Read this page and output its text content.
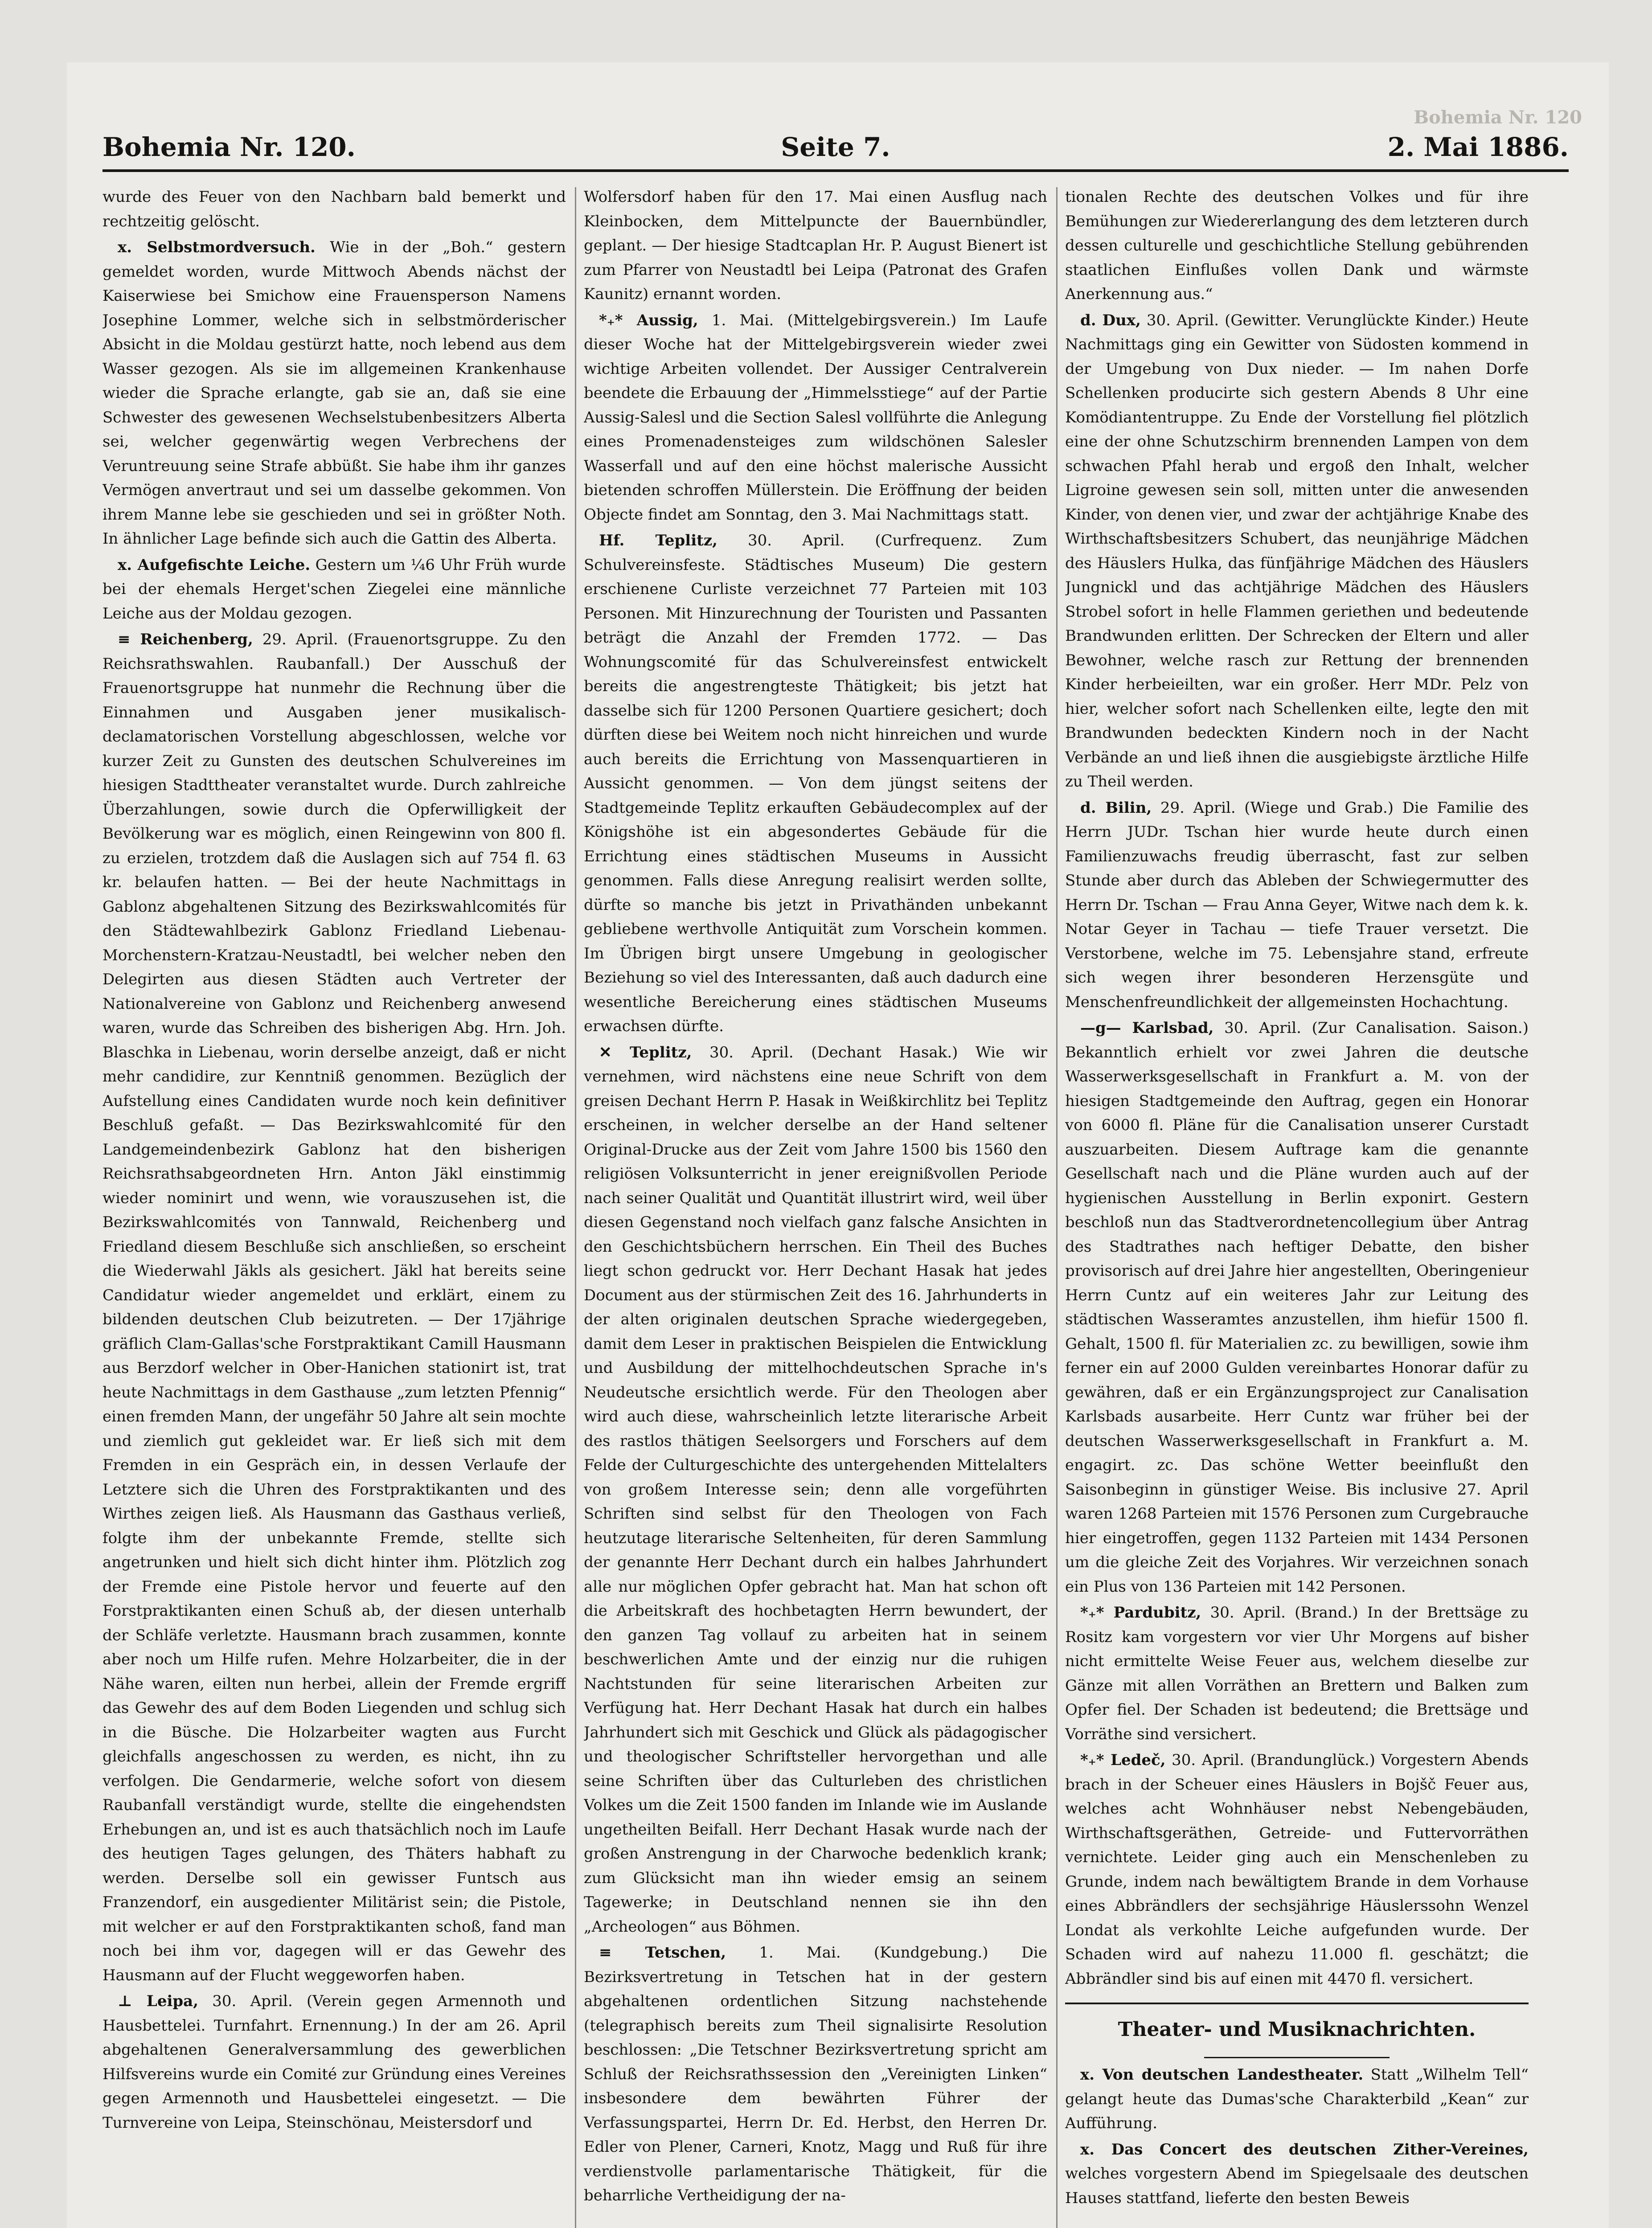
Bohemia Nr. 120
Bohemia Nr. 120.	Seite 7.	2. Mai 1886.

wurde des Feuer von den Nachbarn bald bemerkt und rechtzeitig gelöscht.

x. Selbstmordversuch. Wie in der „Boh.“ gestern gemeldet worden, wurde Mittwoch Abends nächst der Kaiserwiese bei Smichow eine Frauensperson Namens Josephine Lommer, welche sich in selbstmörderischer Absicht in die Moldau gestürzt hatte, noch lebend aus dem Wasser gezogen. Als sie im allgemeinen Krankenhause wieder die Sprache erlangte, gab sie an, daß sie eine Schwester des gewesenen Wechselstubenbesitzers Alberta sei, welcher gegenwärtig wegen Verbrechens der Veruntreuung seine Strafe abbüßt. Sie habe ihm ihr ganzes Vermögen anvertraut und sei um dasselbe gekommen. Von ihrem Manne lebe sie geschieden und sei in größter Noth. In ähnlicher Lage befinde sich auch die Gattin des Alberta.

x. Aufgefischte Leiche. Gestern um ¼6 Uhr Früh wurde bei der ehemals Herget'schen Ziegelei eine männliche Leiche aus der Moldau gezogen.

≡ Reichenberg, 29. April. (Frauenortsgruppe. Zu den Reichsrathswahlen. Raubanfall.) Der Ausschuß der Frauenortsgruppe hat nunmehr die Rechnung über die Einnahmen und Ausgaben jener musikalisch-declamatorischen Vorstellung abgeschlossen, welche vor kurzer Zeit zu Gunsten des deutschen Schulvereines im hiesigen Stadttheater veranstaltet wurde. Durch zahlreiche Überzahlungen, sowie durch die Opferwilligkeit der Bevölkerung war es möglich, einen Reingewinn von 800 fl. zu erzielen, trotzdem daß die Auslagen sich auf 754 fl. 63 kr. belaufen hatten. — Bei der heute Nachmittags in Gablonz abgehaltenen Sitzung des Bezirkswahlcomités für den Städtewahlbezirk Gablonz Friedland Liebenau-Morchenstern-Kratzau-Neustadtl, bei welcher neben den Delegirten aus diesen Städten auch Vertreter der Nationalvereine von Gablonz und Reichenberg anwesend waren, wurde das Schreiben des bisherigen Abg. Hrn. Joh. Blaschka in Liebenau, worin derselbe anzeigt, daß er nicht mehr candidire, zur Kenntniß genommen. Bezüglich der Aufstellung eines Candidaten wurde noch kein definitiver Beschluß gefaßt. — Das Bezirkswahlcomité für den Landgemeindenbezirk Gablonz hat den bisherigen Reichsrathsabgeordneten Hrn. Anton Jäkl einstimmig wieder nominirt und wenn, wie vorauszusehen ist, die Bezirkswahlcomités von Tannwald, Reichenberg und Friedland diesem Beschluße sich anschließen, so erscheint die Wiederwahl Jäkls als gesichert. Jäkl hat bereits seine Candidatur wieder angemeldet und erklärt, einem zu bildenden deutschen Club beizutreten. — Der 17jährige gräflich Clam-Gallas'sche Forstpraktikant Camill Hausmann aus Berzdorf welcher in Ober-Hanichen stationirt ist, trat heute Nachmittags in dem Gasthause „zum letzten Pfennig“ einen fremden Mann, der ungefähr 50 Jahre alt sein mochte und ziemlich gut gekleidet war. Er ließ sich mit dem Fremden in ein Gespräch ein, in dessen Verlaufe der Letztere sich die Uhren des Forstpraktikanten und des Wirthes zeigen ließ. Als Hausmann das Gasthaus verließ, folgte ihm der unbekannte Fremde, stellte sich angetrunken und hielt sich dicht hinter ihm. Plötzlich zog der Fremde eine Pistole hervor und feuerte auf den Forstpraktikanten einen Schuß ab, der diesen unterhalb der Schläfe verletzte. Hausmann brach zusammen, konnte aber noch um Hilfe rufen. Mehre Holzarbeiter, die in der Nähe waren, eilten nun herbei, allein der Fremde ergriff das Gewehr des auf dem Boden Liegenden und schlug sich in die Büsche. Die Holzarbeiter wagten aus Furcht gleichfalls angeschossen zu werden, es nicht, ihn zu verfolgen. Die Gendarmerie, welche sofort von diesem Raubanfall verständigt wurde, stellte die eingehendsten Erhebungen an, und ist es auch thatsächlich noch im Laufe des heutigen Tages gelungen, des Thäters habhaft zu werden. Derselbe soll ein gewisser Funtsch aus Franzendorf, ein ausgedienter Militärist sein; die Pistole, mit welcher er auf den Forstpraktikanten schoß, fand man noch bei ihm vor, dagegen will er das Gewehr des Hausmann auf der Flucht weggeworfen haben.

⊥ Leipa, 30. April. (Verein gegen Armennoth und Hausbettelei. Turnfahrt. Ernennung.) In der am 26. April abgehaltenen Generalversammlung des gewerblichen Hilfsvereins wurde ein Comité zur Gründung eines Vereines gegen Armennoth und Hausbettelei eingesetzt. — Die Turnvereine von Leipa, Steinschönau, Meistersdorf und

Wolfersdorf haben für den 17. Mai einen Ausflug nach Kleinbocken, dem Mittelpuncte der Bauernbündler, geplant. — Der hiesige Stadtcaplan Hr. P. August Bienert ist zum Pfarrer von Neustadtl bei Leipa (Patronat des Grafen Kaunitz) ernannt worden.

*₊* Aussig, 1. Mai. (Mittelgebirgsverein.) Im Laufe dieser Woche hat der Mittelgebirgsverein wieder zwei wichtige Arbeiten vollendet. Der Aussiger Centralverein beendete die Erbauung der „Himmelsstiege“ auf der Partie Aussig-Salesl und die Section Salesl vollführte die Anlegung eines Promenadensteiges zum wildschönen Salesler Wasserfall und auf den eine höchst malerische Aussicht bietenden schroffen Müllerstein. Die Eröffnung der beiden Objecte findet am Sonntag, den 3. Mai Nachmittags statt.

Hf. Teplitz, 30. April. (Curfrequenz. Zum Schulvereinsfeste. Städtisches Museum) Die gestern erschienene Curliste verzeichnet 77 Parteien mit 103 Personen. Mit Hinzurechnung der Touristen und Passanten beträgt die Anzahl der Fremden 1772. — Das Wohnungscomité für das Schulvereinsfest entwickelt bereits die angestrengteste Thätigkeit; bis jetzt hat dasselbe sich für 1200 Personen Quartiere gesichert; doch dürften diese bei Weitem noch nicht hinreichen und wurde auch bereits die Errichtung von Massenquartieren in Aussicht genommen. — Von dem jüngst seitens der Stadtgemeinde Teplitz erkauften Gebäudecomplex auf der Königshöhe ist ein abgesondertes Gebäude für die Errichtung eines städtischen Museums in Aussicht genommen. Falls diese Anregung realisirt werden sollte, dürfte so manche bis jetzt in Privathänden unbekannt gebliebene werthvolle Antiquität zum Vorschein kommen. Im Übrigen birgt unsere Umgebung in geologischer Beziehung so viel des Interessanten, daß auch dadurch eine wesentliche Bereicherung eines städtischen Museums erwachsen dürfte.

✕ Teplitz, 30. April. (Dechant Hasak.) Wie wir vernehmen, wird nächstens eine neue Schrift von dem greisen Dechant Herrn P. Hasak in Weißkirchlitz bei Teplitz erscheinen, in welcher derselbe an der Hand seltener Original-Drucke aus der Zeit vom Jahre 1500 bis 1560 den religiösen Volksunterricht in jener ereignißvollen Periode nach seiner Qualität und Quantität illustrirt wird, weil über diesen Gegenstand noch vielfach ganz falsche Ansichten in den Geschichtsbüchern herrschen. Ein Theil des Buches liegt schon gedruckt vor. Herr Dechant Hasak hat jedes Document aus der stürmischen Zeit des 16. Jahrhunderts in der alten originalen deutschen Sprache wiedergegeben, damit dem Leser in praktischen Beispielen die Entwicklung und Ausbildung der mittelhochdeutschen Sprache in's Neudeutsche ersichtlich werde. Für den Theologen aber wird auch diese, wahrscheinlich letzte literarische Arbeit des rastlos thätigen Seelsorgers und Forschers auf dem Felde der Culturgeschichte des untergehenden Mittelalters von großem Interesse sein; denn alle vorgeführten Schriften sind selbst für den Theologen von Fach heutzutage literarische Seltenheiten, für deren Sammlung der genannte Herr Dechant durch ein halbes Jahrhundert alle nur möglichen Opfer gebracht hat. Man hat schon oft die Arbeitskraft des hochbetagten Herrn bewundert, der den ganzen Tag vollauf zu arbeiten hat in seinem beschwerlichen Amte und der einzig nur die ruhigen Nachtstunden für seine literarischen Arbeiten zur Verfügung hat. Herr Dechant Hasak hat durch ein halbes Jahrhundert sich mit Geschick und Glück als pädagogischer und theologischer Schriftsteller hervorgethan und alle seine Schriften über das Culturleben des christlichen Volkes um die Zeit 1500 fanden im Inlande wie im Auslande ungetheilten Beifall. Herr Dechant Hasak wurde nach der großen Anstrengung in der Charwoche bedenklich krank; zum Glücksicht man ihn wieder emsig an seinem Tagewerke; in Deutschland nennen sie ihn den „Archeologen“ aus Böhmen.

≡ Tetschen, 1. Mai. (Kundgebung.) Die Bezirksvertretung in Tetschen hat in der gestern abgehaltenen ordentlichen Sitzung nachstehende (telegraphisch bereits zum Theil signalisirte Resolution beschlossen: „Die Tetschner Bezirksvertretung spricht am Schluß der Reichsrathssession den „Vereinigten Linken“ insbesondere dem bewährten Führer der Verfassungspartei, Herrn Dr. Ed. Herbst, den Herren Dr. Edler von Plener, Carneri, Knotz, Magg und Ruß für ihre verdienstvolle parlamentarische Thätigkeit, für die beharrliche Vertheidigung der na-

tionalen Rechte des deutschen Volkes und für ihre Bemühungen zur Wiedererlangung des dem letzteren durch dessen culturelle und geschichtliche Stellung gebührenden staatlichen Einflußes vollen Dank und wärmste Anerkennung aus.“

d. Dux, 30. April. (Gewitter. Verunglückte Kinder.) Heute Nachmittags ging ein Gewitter von Südosten kommend in der Umgebung von Dux nieder. — Im nahen Dorfe Schellenken producirte sich gestern Abends 8 Uhr eine Komödiantentruppe. Zu Ende der Vorstellung fiel plötzlich eine der ohne Schutzschirm brennenden Lampen von dem schwachen Pfahl herab und ergoß den Inhalt, welcher Ligroine gewesen sein soll, mitten unter die anwesenden Kinder, von denen vier, und zwar der achtjährige Knabe des Wirthschaftsbesitzers Schubert, das neunjährige Mädchen des Häuslers Hulka, das fünfjährige Mädchen des Häuslers Jungnickl und das achtjährige Mädchen des Häuslers Strobel sofort in helle Flammen geriethen und bedeutende Brandwunden erlitten. Der Schrecken der Eltern und aller Bewohner, welche rasch zur Rettung der brennenden Kinder herbeieilten, war ein großer. Herr MDr. Pelz von hier, welcher sofort nach Schellenken eilte, legte den mit Brandwunden bedeckten Kindern noch in der Nacht Verbände an und ließ ihnen die ausgiebigste ärztliche Hilfe zu Theil werden.

d. Bilin, 29. April. (Wiege und Grab.) Die Familie des Herrn JUDr. Tschan hier wurde heute durch einen Familienzuwachs freudig überrascht, fast zur selben Stunde aber durch das Ableben der Schwiegermutter des Herrn Dr. Tschan — Frau Anna Geyer, Witwe nach dem k. k. Notar Geyer in Tachau — tiefe Trauer versetzt. Die Verstorbene, welche im 75. Lebensjahre stand, erfreute sich wegen ihrer besonderen Herzensgüte und Menschenfreundlichkeit der allgemeinsten Hochachtung.

—g— Karlsbad, 30. April. (Zur Canalisation. Saison.) Bekanntlich erhielt vor zwei Jahren die deutsche Wasserwerksgesellschaft in Frankfurt a. M. von der hiesigen Stadtgemeinde den Auftrag, gegen ein Honorar von 6000 fl. Pläne für die Canalisation unserer Curstadt auszuarbeiten. Diesem Auftrage kam die genannte Gesellschaft nach und die Pläne wurden auch auf der hygienischen Ausstellung in Berlin exponirt. Gestern beschloß nun das Stadtverordnetencollegium über Antrag des Stadtrathes nach heftiger Debatte, den bisher provisorisch auf drei Jahre hier angestellten, Oberingenieur Herrn Cuntz auf ein weiteres Jahr zur Leitung des städtischen Wasseramtes anzustellen, ihm hiefür 1500 fl. Gehalt, 1500 fl. für Materialien zc. zu bewilligen, sowie ihm ferner ein auf 2000 Gulden vereinbartes Honorar dafür zu gewähren, daß er ein Ergänzungsproject zur Canalisation Karlsbads ausarbeite. Herr Cuntz war früher bei der deutschen Wasserwerksgesellschaft in Frankfurt a. M. engagirt. zc. Das schöne Wetter beeinflußt den Saisonbeginn in günstiger Weise. Bis inclusive 27. April waren 1268 Parteien mit 1576 Personen zum Curgebrauche hier eingetroffen, gegen 1132 Parteien mit 1434 Personen um die gleiche Zeit des Vorjahres. Wir verzeichnen sonach ein Plus von 136 Parteien mit 142 Personen.

*₊* Pardubitz, 30. April. (Brand.) In der Brettsäge zu Rositz kam vorgestern vor vier Uhr Morgens auf bisher nicht ermittelte Weise Feuer aus, welchem dieselbe zur Gänze mit allen Vorräthen an Brettern und Balken zum Opfer fiel. Der Schaden ist bedeutend; die Brettsäge und Vorräthe sind versichert.

*₊* Ledeč, 30. April. (Brandunglück.) Vorgestern Abends brach in der Scheuer eines Häuslers in Bojšč Feuer aus, welches acht Wohnhäuser nebst Nebengebäuden, Wirthschaftsgeräthen, Getreide- und Futtervorräthen vernichtete. Leider ging auch ein Menschenleben zu Grunde, indem nach bewältigtem Brande in dem Vorhause eines Abbrändlers der sechsjährige Häuslerssohn Wenzel Londat als verkohlte Leiche aufgefunden wurde. Der Schaden wird auf nahezu 11.000 fl. geschätzt; die Abbrändler sind bis auf einen mit 4470 fl. versichert.

Theater- und Musiknachrichten.

x. Von deutschen Landestheater. Statt „Wilhelm Tell“ gelangt heute das Dumas'sche Charakterbild „Kean“ zur Aufführung.

x. Das Concert des deutschen Zither-Vereines, welches vorgestern Abend im Spiegelsaale des deutschen Hauses stattfand, lieferte den besten Beweis
